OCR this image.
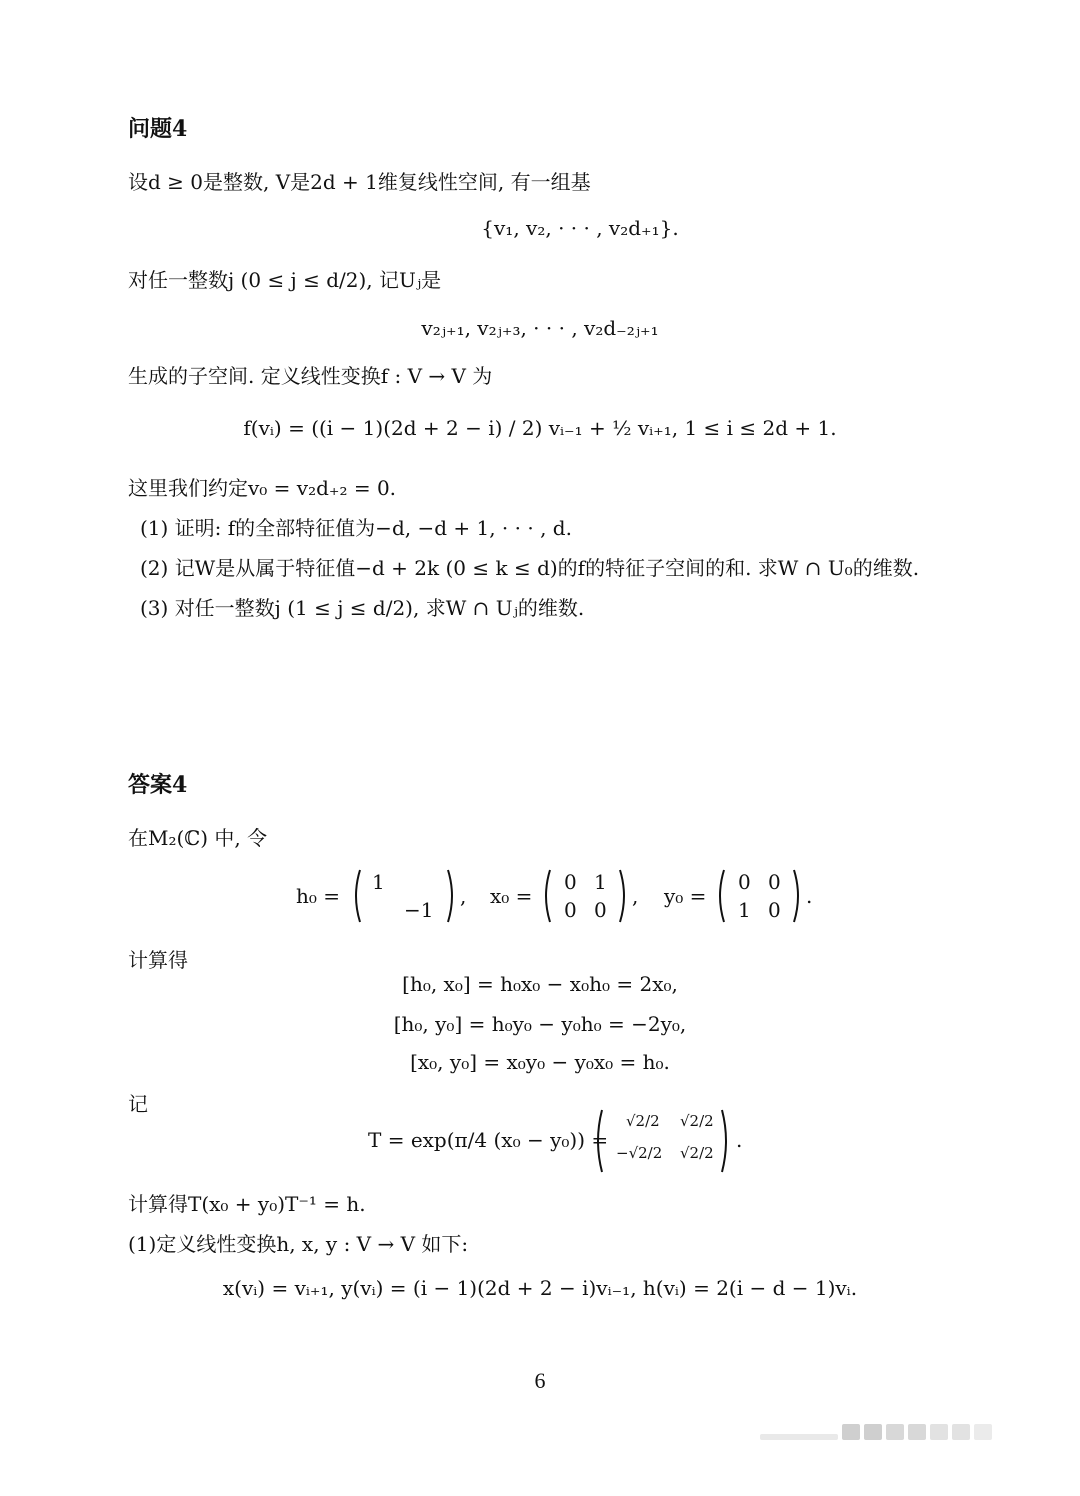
问题4
设d ≥ 0是整数, V是2d + 1维复线性空间, 有一组基
{v₁, v₂, · · · , v₂d₊₁}.
对任一整数j (0 ≤ j ≤ d/2), 记Uⱼ是
v₂ⱼ₊₁, v₂ⱼ₊₃, · · · , v₂d₋₂ⱼ₊₁
生成的子空间. 定义线性变换f : V → V 为
f(vᵢ) = ((i − 1)(2d + 2 − i) / 2) vᵢ₋₁ + ½ vᵢ₊₁, 1 ≤ i ≤ 2d + 1.
这里我们约定v₀ = v₂d₊₂ = 0.
(1) 证明: f的全部特征值为−d, −d + 1, · · · , d.
(2) 记W是从属于特征值−d + 2k (0 ≤ k ≤ d)的f的特征子空间的和. 求W ∩ U₀的维数.
(3) 对任一整数j (1 ≤ j ≤ d/2), 求W ∩ Uⱼ的维数.
答案4
在M₂(ℂ) 中, 令
h₀ =
1
−1
, x₀ =
0 1
0 0
, y₀ =
0 0
1 0
.
计算得
[h₀, x₀] = h₀x₀ − x₀h₀ = 2x₀,
[h₀, y₀] = h₀y₀ − y₀h₀ = −2y₀,
[x₀, y₀] = x₀y₀ − y₀x₀ = h₀.
记
T = exp(π/4 (x₀ − y₀)) =
√2/2 √2/2
−√2/2 √2/2
.
计算得T(x₀ + y₀)T⁻¹ = h.
(1)定义线性变换h, x, y : V → V 如下:
x(vᵢ) = vᵢ₊₁, y(vᵢ) = (i − 1)(2d + 2 − i)vᵢ₋₁, h(vᵢ) = 2(i − d − 1)vᵢ.
6
